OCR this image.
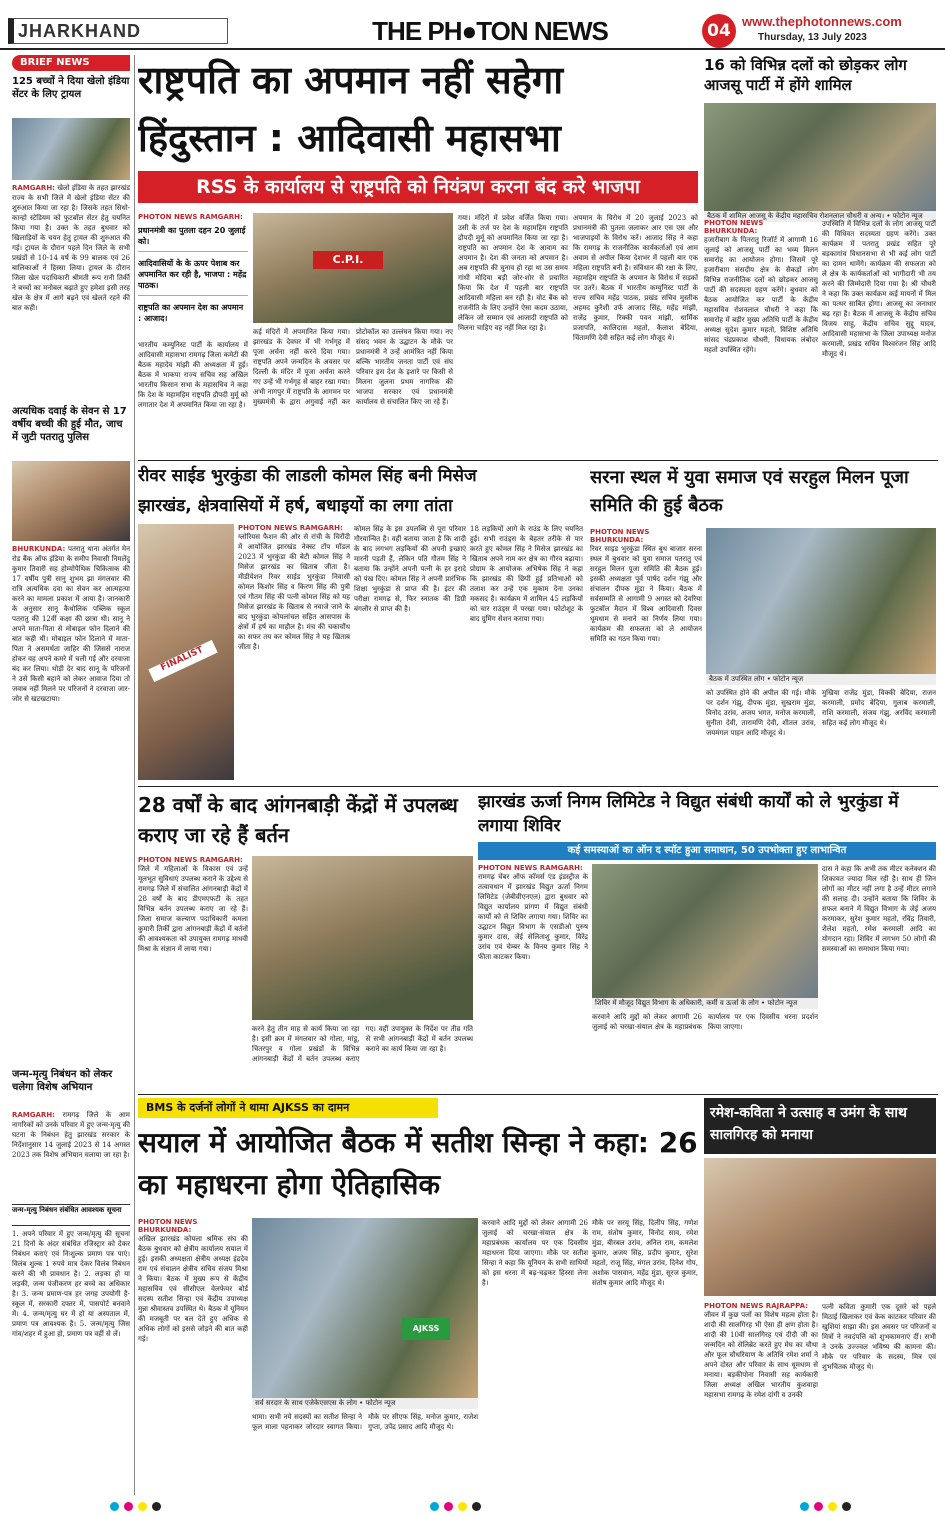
JHARKHAND	THE PH●TON NEWS	04 www.thephotonnews.com
Thursday, 13 July 2023
BRIEF NEWS
125 बच्चों ने दिया खेलो इंडिया सेंटर के लिए ट्रायल
RAMGARH: खेलो इंडिया के तहत झारखंड राज्य के सभी जिले में खेलो इंडिया सेंटर की शुरुआत किया जा रहा है। जिसके तहत सिधो-कान्हो स्टेडियम को फुटबॉल सेंटर हेतु चयनित किया गया है। उक्त के तहत बुधवार को खिलाड़ियों के चयन हेतु ट्रायल की शुरुआत की गई। ट्रायल के दौरान पहले दिन जिले के सभी प्रखंडों से 10-14 वर्ष के 99 बालक एवं 26 बालिकाओं ने हिस्सा लिया। ट्रायल के दौरान जिला खेल पदाधिकारी श्रीमती रूप रानी तिर्की ने बच्चों का मनोबल बढ़ाते हुए हमेशा इसी तरह खेल के क्षेत्र में आगे बढ़ने एवं खेलते रहने की बात कही।
अत्यधिक दवाई के सेवन से 17 वर्षीय बच्ची की हुई मौत, जाच में जुटी पतरातु पुलिस
BHURKUNDA: पतरातु थाना अंतर्गत मेन रोड बैंक ऑफ इंडिया के समीप निवासी निमलेंदु कुमार तिवारी सह होम्योपैथिक चिकित्सक की 17 वर्षीय पुत्री सानु शुभम झा मंगलवार की रात्रि अत्यधिक दवा का सेवन कर आत्महत्या करने का मामला प्रकाश में आया है। जानकारी के अनुसार सानू कैथोलिक पब्लिक स्कूल पतरातु की 12वीं कक्षा की छात्रा थी। सानू ने अपने माता-पिता से मोबाइल फोन दिलाने की बात कही थी। मोबाइल फोन दिलाने में माता-पिता ने असमर्थता जाहिर की जिससे नाराज होकर वह अपने कमरे में चली गई और दरवाजा बंद कर लिया। थोड़ी देर बाद सानू के परिजनों ने उसे किसी बहाने को लेकर आवाज दिया तो जवाब नहीं मिलने पर परिजनों ने दरवाजा जार-जोर से खटखटाया।
जन्म-मृत्यु निबंधन को लेकर चलेगा विशेष अभियान
RAMGARH: रामगढ़ जिले के आम नागरिकों को उनके परिवार में हुए जन्म-मृत्यु की घटना के निबंधन हेतु झारखंड सरकार के निर्देशानुसार 14 जुलाई 2023 से 14 अगस्त 2023 तक विशेष अभियान चलाया जा रहा है।
जन्म-मृत्यु निबंधन संबंधित आवश्यक सूचना
1. अपने परिवार में हुए जन्म/मृत्यु की सूचना 21 दिनों के अंदर संबंधित रजिस्ट्रार को देकर निबंधन कराएं एवं निःशुल्क प्रमाण पत्र पाएं। विलंब शुल्क 1 रुपये मात्र देकर विलंब निबंधन करने की भी प्रावधान है। 2. लड़का हो या लड़की, जन्म पंजीकरण हर बच्चे का अधिकार है। 3. जन्म प्रमाण-पत्र हर जगह उपयोगी है- स्कूल में, सरकारी दफ्तर में, पासपोर्ट बनवाने में। 4. जन्म/मृत्यु घर में हो या अस्पताल में, प्रमाण पत्र आवश्यक है। 5. जन्म/मृत्यु जिस गांव/शहर में हुआ हो, प्रमाण पत्र वहीं से लें।
राष्ट्रपति का अपमान नहीं सहेगा
हिंदुस्तान : आदिवासी महासभा
RSS के कार्यालय से राष्ट्रपति को नियंत्रण करना बंद करे भाजपा
PHOTON NEWS RAMGARH:
प्रधानमंत्री का पुतला दहन 20 जुलाई को।
आदिवासियों के के ऊपर पेशाब कर अपमानित कर रही है, भाजपा : महेंद्र पाठक।
राष्ट्रपति का अपमान देश का अपमान : आजाद।
C.P.I.
भारतीय कम्युनिस्ट पार्टी के कार्यालय में आदिवासी महासभा रामगढ़ जिला कमेटी की बैठक महादेव मांझी की अध्यक्षता में हुई। बैठक में भाकपा राज्य सचिव सह अखिल भारतीय किसान सभा के महासचिव ने कहा कि देश के महामहिम राष्ट्रपति द्रौपदी मुर्मू को लगातार देश में अपमानित किया जा रहा है।
कई मंदिरों में अपमानित किया गया। झारखंड के देवघर में भी गर्भगृह में पूजा अर्चना नहीं करने दिया गया। राष्ट्रपति अपने जन्मदिन के अवसर पर दिल्ली के मंदिर में पूजा अर्चना करने गए उन्हें भी गर्भगृह से बाहर रखा गया। अभी नागपुर में राष्ट्रपति के आगमन पर मुख्यमंत्री के द्वारा अगुवाई नहीं कर प्रोटोकॉल का उल्लंघन किया गया। नए संसद भवन के उद्घाटन के मौके पर प्रधानमंत्री ने उन्हें आमंत्रित नहीं किया बल्कि भारतीय जनता पार्टी एवं संघ परिवार इस देश के इशारे पर किसी से मिलना जुलना प्रथम नागरिक की भाजपा सरकार एवं प्रधानमंत्री कार्यालय से संचालित किए जा रहे हैं।
गया। मंदिरों में प्रवेश वर्जित किया गया। उसी के तर्ज पर देश के महामहिम राष्ट्रपति द्रौपदी मुर्मू को अपमानित किया जा रहा है। राष्ट्रपति का अपमान देश के आवाम का अपमान है। देश की जनता को अपमान है। अब राष्ट्रपति की चुनाव हो रहा था उस समय गांधी मोदिया बड़ी जोर-शोर से प्रचारित किया कि देश में पहली बार राष्ट्रपति आदिवासी महिला बन रही है। वोट बैंक को राजनीति के लिए उन्होंने ऐसा कदम उठाया, लेकिन जो सम्मान एवं आजादी राष्ट्रपति को मिलना चाहिए वह नहीं मिल रहा है।
अपमान के विरोध में 20 जुलाई 2023 को प्रधानमंत्री की पुतला जलाकर आर एस एस और भाजपाइयों के विरोध करें। आजाद सिंह ने कहा कि रामगढ़ के राजनीतिक कार्यकर्ताओं एवं आम अवाम से अपील किया देशभर में पहली बार एक महिला राष्ट्रपति बनी है। संविधान की रक्षा के लिए, महामहिम राष्ट्रपति के अपमान के विरोध में सड़कों पर उतरें। बैठक में भारतीय कम्युनिस्ट पार्टी के राज्य सचिव महेंद्र पाठक, प्रखंड सचिव मुस्तीक अहमद कुरैशी उर्फ आजाद सिंह, महेंद्र मांझी, राजेंद्र कुमार, रिक्की पवन मांझी, धार्मिक प्रजापति, कालिदास महतो, कैलाश बेदिया, चिंतामणि देवी सहित कई लोग मौजूद थे।
16 को विभिन्न दलों को छोड़कर लोग आजसू पार्टी में होंगे शामिल
बैठक में शामिल आजसू के केंद्रीय महासचिव रोशनलाल चौधरी व अन्य। • फोटोन न्यूज
PHOTON NEWS BHURKUNDA:
हजारीबाग के पितरातु रिजॉर्ट में आगामी 16 जुलाई को आजसू पार्टी का भव्य मिलन समारोह का आयोजन होगा। जिसमें पूरे हजारीबाग संसदीय क्षेत्र के सैकड़ों लोग विभिन्न राजनीतिक दलों को छोड़कर आजसू पार्टी की सदस्यता ग्रहण करेंगे। बुधवार को बैठक आयोजित कर पार्टी के केंद्रीय महासचिव रोशनलाल चौधरी ने कहा कि समारोह में बड़ीर मुख्य अतिथि पार्टी के केंद्रीय अध्यक्ष सुदेश कुमार महतो, विशिष्ट अतिथि सांसद चंद्रप्रकाश चौधरी, विधायक लंबोदर महतो उपस्थित रहेंगे।
उपस्थिति में विभिन्न दलों के लोग आजसू पार्टी की विधिवत सदस्यता ग्रहण करेंगे। उक्त कार्यक्रम में पतरातु प्रखंड सहित पूरे बड़कागांव विधानसभा से भी कई लोग पार्टी का दामन थामेंगे। कार्यक्रम की सफलता को ले क्षेत्र के कार्यकर्ताओं को भागीदारी भी तय करने की जिम्मेदारी दिया गया है। श्री चौधरी ने कहा कि उक्त कार्यक्रम कई मायनों में मिल का पत्थर साबित होगा। आजसू का जनाधार बढ़ रहा है। बैठक में आजसू के केंद्रीय सचिव विजय साहु, केंद्रीय सचिव सुद्दू यादव, आदिवासी महासभा के जिला उपाध्यक्ष मनोज करमाली, प्रखंड सचिव विश्वरंजन सिंह आदि मौजूद थे।
रीवर साईड भुरकुंडा की लाडली कोमल सिंह बनी मिसेज
झारखंड, क्षेत्रवासियों में हर्ष, बधाइयों का लगा तांता
FINALIST
PHOTON NEWS RAMGARH:
ग्लोरियस फैशन की ओर से रांची के चिरौंदी में आयोजित झारखंड नेक्स्ट टॉप मॉडल 2023 में भुरकुंडा की बेटी कोमल सिंह ने मिसेज झारखंड का खिताब जीता है। मीडीयेशन रिवर साईड भुरकुंडा निवासी कोमल किशोर सिंह व किरण सिंह की पुत्री एवं गौतम सिंह की पत्नी कोमल सिंह को यह मिसेज झारखंड के खिताब से नवाजे जाने के बाद भुरकुंडा कोयलांचल सहित आसपास के क्षेत्रों में हर्ष का माहौल है। मंच की चकाचौंध का सफर तय कर कोमल सिंह ने यह खिताब जीता है।
कोमल सिंह के इस उपलब्धि से पूरा परिवार गौरवान्वित है। वहीं बताया जाता है कि शादी के बाद लगभग लड़कियों की अपनी इच्छाएं मारनी पड़ती हैं, लेकिन पति गौतम सिंह ने बताया कि उन्होंने अपनी पत्नी के हर इरादे को पंख दिए। कोमल सिंह ने अपनी प्रारंभिक शिक्षा भुरकुंडा से प्राप्त की है। इंटर की परीक्षा रामगढ़ से, फिर स्नातक की डिग्री बंगलौर से प्राप्त की है।
18 लड़कियों आगे के राउंड के लिए चयनित हुई। सभी राउंड्स के बेहतर तरीके से पार करते हुए कोमल सिंह ने मिसेज झारखंड का खिताब अपने नाम कर क्षेत्र का गौरव बढ़ाया। प्रोग्राम के आयोजक अभिषेक सिंह ने कहा कि झारखंड की छिपी हुई प्रतिभाओं को तलाश कर उन्हें एक मुकाम देना उनका मकसद है। कार्यक्रम में शामिल 45 लड़कियों को चार राउंड्स में परखा गया। फोटोशूट के बाद ग्रुमिंग सेशन कराया गया।
सरना स्थल में युवा समाज एवं सरहुल मिलन पूजा समिति की हुई बैठक
PHOTON NEWS BHURKUNDA:
रिवर साइड भुरकुंडा स्थित बुध बाजार सरना स्थल में बुधवार को युवा समाज पतरातु एवं सरहुल मिलन पूजा समिति की बैठक हुई। इसकी अध्यक्षता पूर्व पार्षद दर्शन गंझु और संचालन दीपक मुंडा ने किया। बैठक में सर्वसम्मति से आगामी 9 अगस्त को देवरिया फुटबॉल मैदान में विश्व आदिवासी दिवस धूमधाम से मनाने का निर्णय लिया गया। कार्यक्रम की सफलता को ले आयोजन समिति का गठन किया गया।
बैठक में उपस्थित लोग • फोटोन न्यूज
को उपस्थित होने की अपील की गई। मौके पर दर्शन गंझु, दीपक मुंडा, सुखराम मुंडा, विनोद उरांव, अजय भगत, मनोज करमाली, सुनीता देवी, तारामणि देवी, शीतल उरांव, जयमंगल पाहन आदि मौजूद थे।
मुखिया राजेंद्र मुंडा, विक्की बेदिया, राजन करमाली, प्रमोद बेदिया, गुलाब करमाली, राशि करमाली, संजय गंझु, अरविंद करमाली सहित कई लोग मौजूद थे।
28 वर्षों के बाद आंगनबाड़ी केंद्रों में उपलब्ध कराए जा रहे हैं बर्तन
PHOTON NEWS RAMGARH:
जिले में महिलाओं के विकास एवं उन्हें मूलभूत सुविधाएं उपलब्ध कराने के उद्देश्य से रामगढ़ जिले में संचालित आंगनबाड़ी केंद्रों में 28 वर्षों के बाद डीएमएफटी के तहत विभिन्न बर्तन उपलब्ध कराए जा रहे हैं। जिला समाज कल्याण पदाधिकारी कमला कुमारी तिर्की द्वारा आंगनबाड़ी केंद्रों में बर्तनों की आवश्यकता को उपायुक्त रामगढ़ माधवी मिश्रा के संज्ञान में लाया गया।
करने हेतु तीन माह से कार्य किया जा रहा है। इसी क्रम में मंगलवार को गोला, मांडू, चितरपुर व गोला प्रखंडों के विभिन्न आंगनबाड़ी केंद्रों में बर्तन उपलब्ध कराए गए। वहीं उपायुक्त के निर्देश पर तीव्र गति से सभी आंगनबाड़ी केंद्रों में बर्तन उपलब्ध कराने का कार्य किया जा रहा है।
झारखंड ऊर्जा निगम लिमिटेड ने विद्युत संबंधी कार्यों को ले भुरकुंडा में लगाया शिविर
कई समस्याओं का ऑन द स्पॉट हुआ समाधान, 50 उपभोक्ता हुए लाभान्वित
PHOTON NEWS RAMGARH:
रामगढ़ चेंबर ऑफ कॉमर्स एंड इंडस्ट्रीज के तत्वावधान में झारखंड विद्युत ऊर्जा निगम लिमिटेड (जेबीवीएनएल) द्वारा बुधवार को विद्युत कार्यालय प्रांगण में विद्युत संबंधी कार्यों को ले शिविर लगाया गया। शिविर का उद्घाटन विद्युत विभाग के एसडीओ पुरुष कुमार दास, जेई सेलिताशु कुमार, विरेंद्र उरांव एवं चेम्बर के विनय कुमार सिंह ने फीता काटकर किया।
शिविर में मौजूद विद्युत विभाग के अधिकारी, कर्मी व ऊर्जा के लोग • फोटोन न्यूज
करवाने आदि मुद्दों को लेकर आगामी 26 जुलाई को चरखा-संयाल क्षेत्र के महाप्रबंधक कार्यालय पर एक दिवसीय धरना प्रदर्शन किया जाएगा।
दास ने कहा कि अभी तक मीटर कनेक्शन की शिकायत ज्यादा मिल रही है। साथ ही जिन लोगों का मीटर नहीं लगा है उन्हें मीटर लगाने की सलाह दी। उन्होंने बताया कि शिविर के सफल बनाने में विद्युत विभाग के जेई अजय करमाकर, सुरेश कुमार महतो, रविंद्र तिवारी, शैलेश महतो, रमेश करमाली आदि का योगदान रहा। शिविर में लगभग 50 लोगों की समस्याओं का समाधान किया गया।
BMS के दर्जनों लोगों ने थामा AJKSS का दामन
सयाल में आयोजित बैठक में सतीश सिन्हा ने कहा: 26 का महाधरना होगा ऐतिहासिक
PHOTON NEWS BHURKUNDA:
अखिल झारखंड कोयला श्रमिक संघ की बैठक बुधवार को क्षेत्रीय कार्यालय सयाल में हुई। इसकी अध्यक्षता क्षेत्रीय अध्यक्ष इंद्रदेव राम एवं संचालन क्षेत्रीय सचिव संजय मिश्रा ने किया। बैठक में मुख्य रूप से केंद्रीय महासचिव एवं सीसीएल वेलफेयर बोर्ड सदस्य सतीश सिन्हा एवं केंद्रीय उपाध्यक्ष मुन्ना श्रीवास्तव उपस्थित थे। बैठक में यूनियन की मजबूती पर बल देते हुए अधिक से अधिक लोगों को इससे जोड़ने की बात कही गई।
AJKSS
सर्व सरदार के साथ एजेकेएसएस के लोग • फोटोन न्यूज
थामा। सभी नये सदस्यों का सतीश सिन्हा ने फूल माला पहनाकर जोरदार स्वागत किया। मौके पर सीएफ सिंह, मनोज कुमार, राजेश गुप्ता, उपेंद्र प्रसाद आदि मौजूद थे।
करवाने आदि मुद्दों को लेकर आगामी 26 जुलाई को चरखा-संयाल क्षेत्र के महाप्रबंधक कार्यालय पर एक दिवसीय महाधरना दिया जाएगा। मौके पर सतीश सिन्हा ने कहा कि यूनियन के सभी साथियों को इस धरना में बढ़-चढ़कर हिस्सा लेना है।
मौके पर सरयू सिंह, दिलीप सिंह, गणेश राम, संतोष कुमार, विनोद साव, रमेश मुंडा, बीरबल उरांव, अनिल राम, कमलेश कुमार, अजय सिंह, प्रदीप कुमार, सुरेश महतो, राजू सिंह, मंगल उरांव, दिनेश गोप, अशोक पासवान, महेंद्र मुंडा, सूरज कुमार, संतोष कुमार आदि मौजूद थे।
रमेश-कविता ने उत्साह व उमंग के साथ सालगिरह को मनाया
PHOTON NEWS RAJRAPPA:
जीवन में कुछ पलों का विशेष महत्व होता है। शादी की सालगिरह भी ऐसा ही क्षण होता है। शादी की 10वीं सालगिरह एवं दीदी जी का जन्मदिन को सेलिब्रेट करते हुए मेघ का चौथा और फूल चौधरियाण के अतिथि रमेश शर्मा ने अपने दोस्त और परिवार के साथ धूमधाम से मनाया। बड़कीपोना निवासी सह कार्यकारी जिला अध्यक्ष अखिल भारतीय कुशवाहा महासभा रामगढ़ के रमेश दांगी व उनकी
पत्नी कविता कुमारी एक दूसरे को पहले मिठाई खिलाकर एवं केक काटकर परिवार की खुशियां साझा की। इस अवसर पर परिजनों व मित्रों ने नवदंपत्ति को शुभकामनाएं दीं। सभी ने उनके उज्ज्वल भविष्य की कामना की। मौके पर परिवार के सदस्य, मित्र एवं शुभचिंतक मौजूद थे।
